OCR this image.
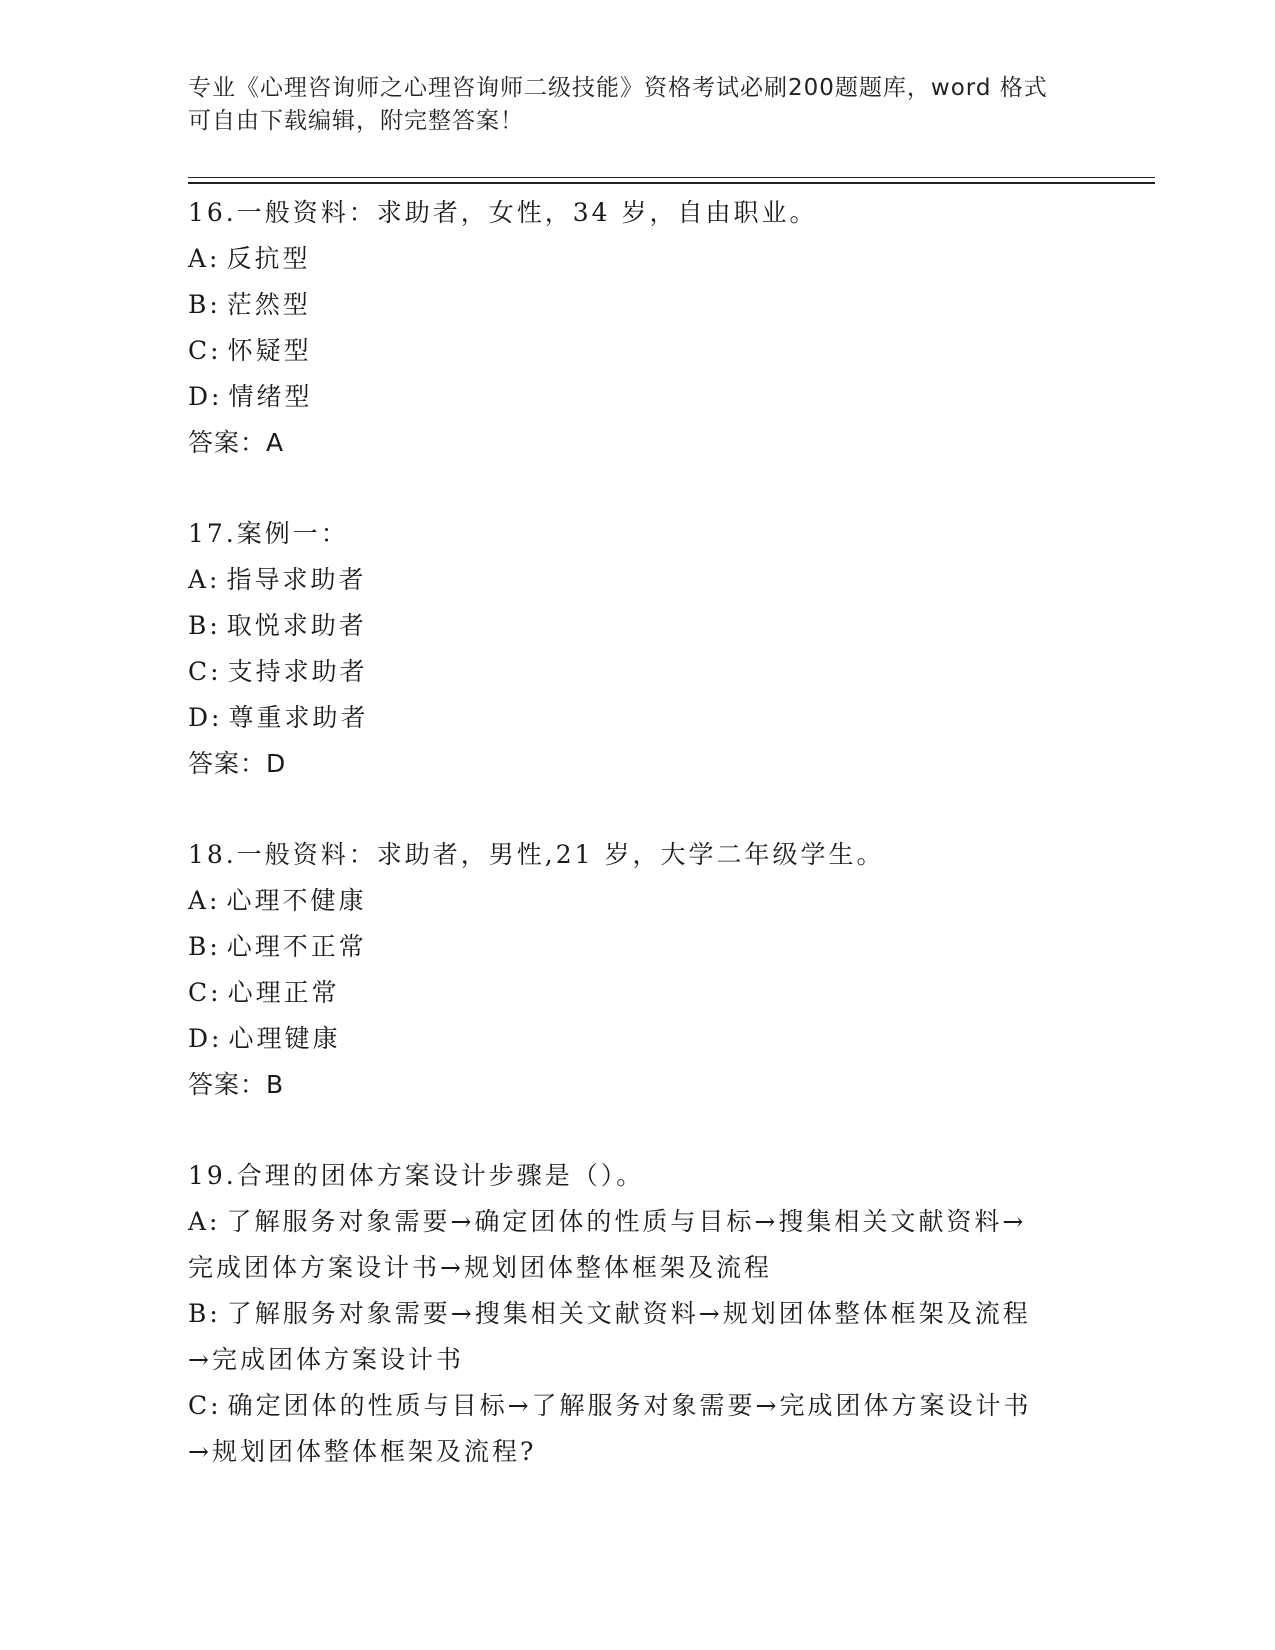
专业《心理咨询师之心理咨询师二级技能》资格考试必刷200题题库，word 格式
可自由下载编辑，附完整答案！
16.一般资料：求助者，女性，34 岁，自由职业。
A: 反抗型
B: 茫然型
C: 怀疑型
D: 情绪型
答案：A
17.案例一：
A: 指导求助者
B: 取悦求助者
C: 支持求助者
D: 尊重求助者
答案：D
18.一般资料：求助者，男性,21 岁，大学二年级学生。
A: 心理不健康
B: 心理不正常
C: 心理正常
D: 心理键康
答案：B
19.合理的团体方案设计步骤是（）。
A: 了解服务对象需要→确定团体的性质与目标→搜集相关文献资料→
完成团体方案设计书→规划团体整体框架及流程
B: 了解服务对象需要→搜集相关文献资料→规划团体整体框架及流程
→完成团体方案设计书
C: 确定团体的性质与目标→了解服务对象需要→完成团体方案设计书
→规划团体整体框架及流程?
